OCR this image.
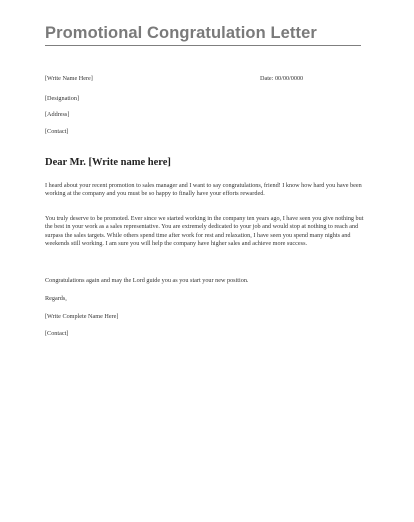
Promotional Congratulation Letter
[Write Name Here]	Date: 00/00/0000
[Designation]
[Address]
[Contact]
Dear Mr. [Write name here]
I heard about your recent promotion to sales manager and I want to say congratulations, friend! I know how hard you have been working at the company and you must be so happy to finally have your efforts rewarded.
You truly deserve to be promoted. Ever since we started working in the company ten years ago, I have seen you give nothing but the best in your work as a sales representative. You are extremely dedicated to your job and would stop at nothing to reach and surpass the sales targets. While others spend time after work for rest and relaxation, I have seen you spend many nights and weekends still working. I am sure you will help the company have higher sales and achieve more success.
Congratulations again and may the Lord guide you as you start your new position.
Regards,
[Write Complete Name Here]
[Contact]
